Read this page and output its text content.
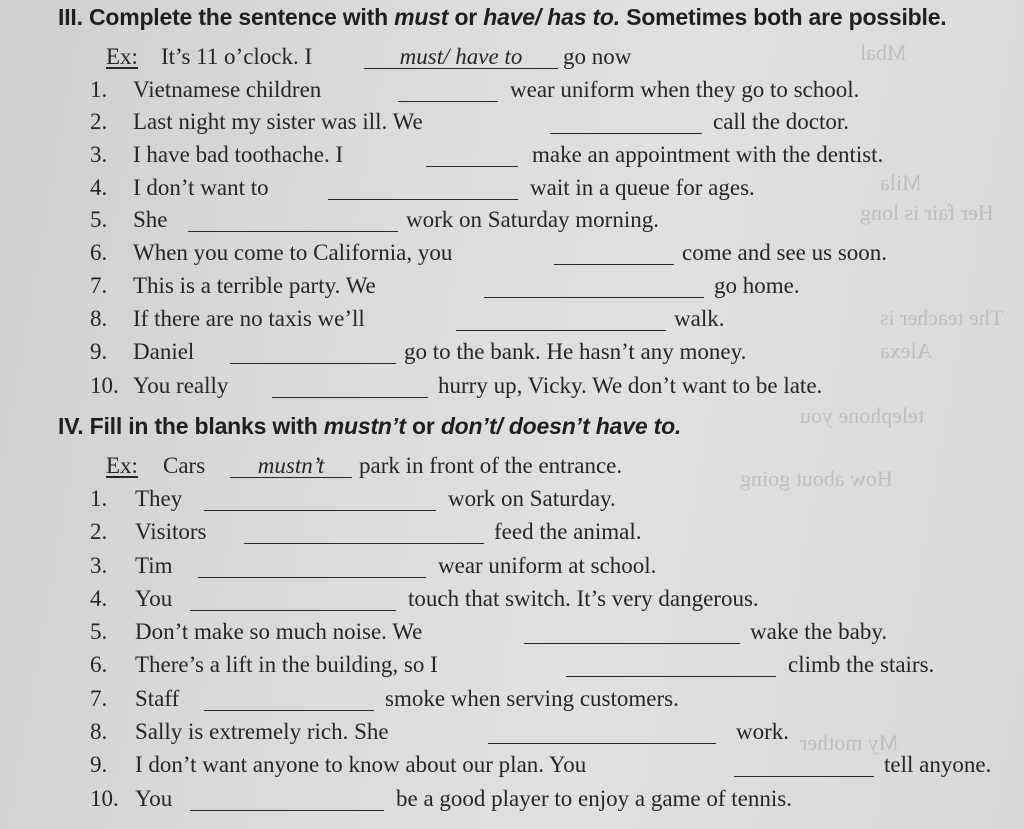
Mbal
Mila
Her fair is long
The teacher is
Alexa
telephone you
How about going
My mother
III. Complete the sentence with must or have/ has to. Sometimes both are possible.
Ex: It’s 11 o’clock. I	must/ have to	go now
1. Vietnamese children	wear uniform when they go to school.
2. Last night my sister was ill. We	call the doctor.
3. I have bad toothache. I	make an appointment with the dentist.
4. I don’t want to	wait in a queue for ages.
5. She	work on Saturday morning.
6. When you come to California, you	come and see us soon.
7. This is a terrible party. We	go home.
8. If there are no taxis we’ll	walk.
9. Daniel	go to the bank. He hasn’t any money.
10. You really	hurry up, Vicky. We don’t want to be late.
IV. Fill in the blanks with mustn’t or don’t/ doesn’t have to.
Ex: Cars	mustn’t	park in front of the entrance.
1. They	work on Saturday.
2. Visitors	feed the animal.
3. Tim	wear uniform at school.
4. You	touch that switch. It’s very dangerous.
5. Don’t make so much noise. We	wake the baby.
6. There’s a lift in the building, so I	climb the stairs.
7. Staff	smoke when serving customers.
8. Sally is extremely rich. She	work.
9. I don’t want anyone to know about our plan. You	tell anyone.
10. You	be a good player to enjoy a game of tennis.
